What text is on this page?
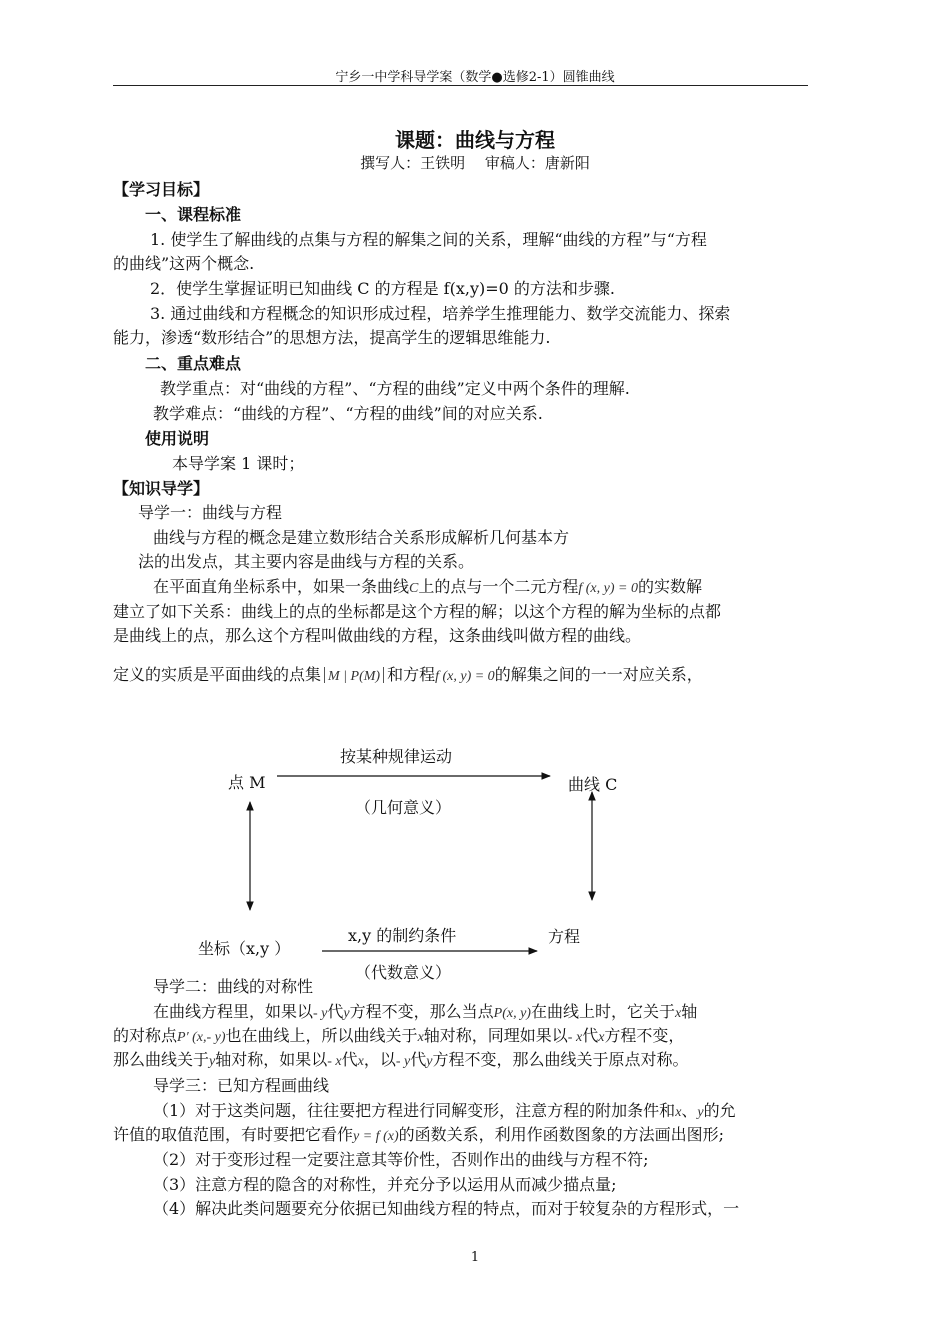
宁乡一中学科导学案（数学●选修2-1）圆锥曲线
课题：曲线与方程
撰写人：王铁明　 审稿人：唐新阳
【学习目标】
一、课程标准
1. 使学生了解曲线的点集与方程的解集之间的关系，理解“曲线的方程”与“方程
的曲线”这两个概念.
2．使学生掌握证明已知曲线 C 的方程是 f(x,y)=0 的方法和步骤.
3. 通过曲线和方程概念的知识形成过程，培养学生推理能力、数学交流能力、探索
能力，渗透“数形结合”的思想方法，提高学生的逻辑思维能力.
二、重点难点
教学重点：对“曲线的方程”、“方程的曲线”定义中两个条件的理解.
教学难点：“曲线的方程”、“方程的曲线”间的对应关系.
使用说明
本导学案 1 课时；
【知识导学】
导学一：曲线与方程
曲线与方程的概念是建立数形结合关系形成解析几何基本方
法的出发点，其主要内容是曲线与方程的关系。
在平面直角坐标系中，如果一条曲线C上的点与一个二元方程f (x, y) = 0的实数解
建立了如下关系：曲线上的点的坐标都是这个方程的解；以这个方程的解为坐标的点都
是曲线上的点，那么这个方程叫做曲线的方程，这条曲线叫做方程的曲线。
定义的实质是平面曲线的点集 M | P(M) 和方程f (x, y) = 0的解集之间的一一对应关系，
按某种规律运动
（几何意义）
点 M	曲线 C
坐标（x,y ）
x,y 的制约条件
（代数意义）
方程
导学二：曲线的对称性
在曲线方程里，如果以- y代y方程不变，那么当点P(x, y)在曲线上时，它关于x轴
的对称点P′ (x,- y)也在曲线上，所以曲线关于x轴对称，同理如果以- x代x方程不变，
那么曲线关于y轴对称，如果以- x代x，以- y代y方程不变，那么曲线关于原点对称。
导学三：已知方程画曲线
（1）对于这类问题，往往要把方程进行同解变形，注意方程的附加条件和x、y的允
许值的取值范围，有时要把它看作y = f (x)的函数关系，利用作函数图象的方法画出图形;
（2）对于变形过程一定要注意其等价性，否则作出的曲线与方程不符;
（3）注意方程的隐含的对称性，并充分予以运用从而减少描点量;
（4）解决此类问题要充分依据已知曲线方程的特点，而对于较复杂的方程形式，一
1
